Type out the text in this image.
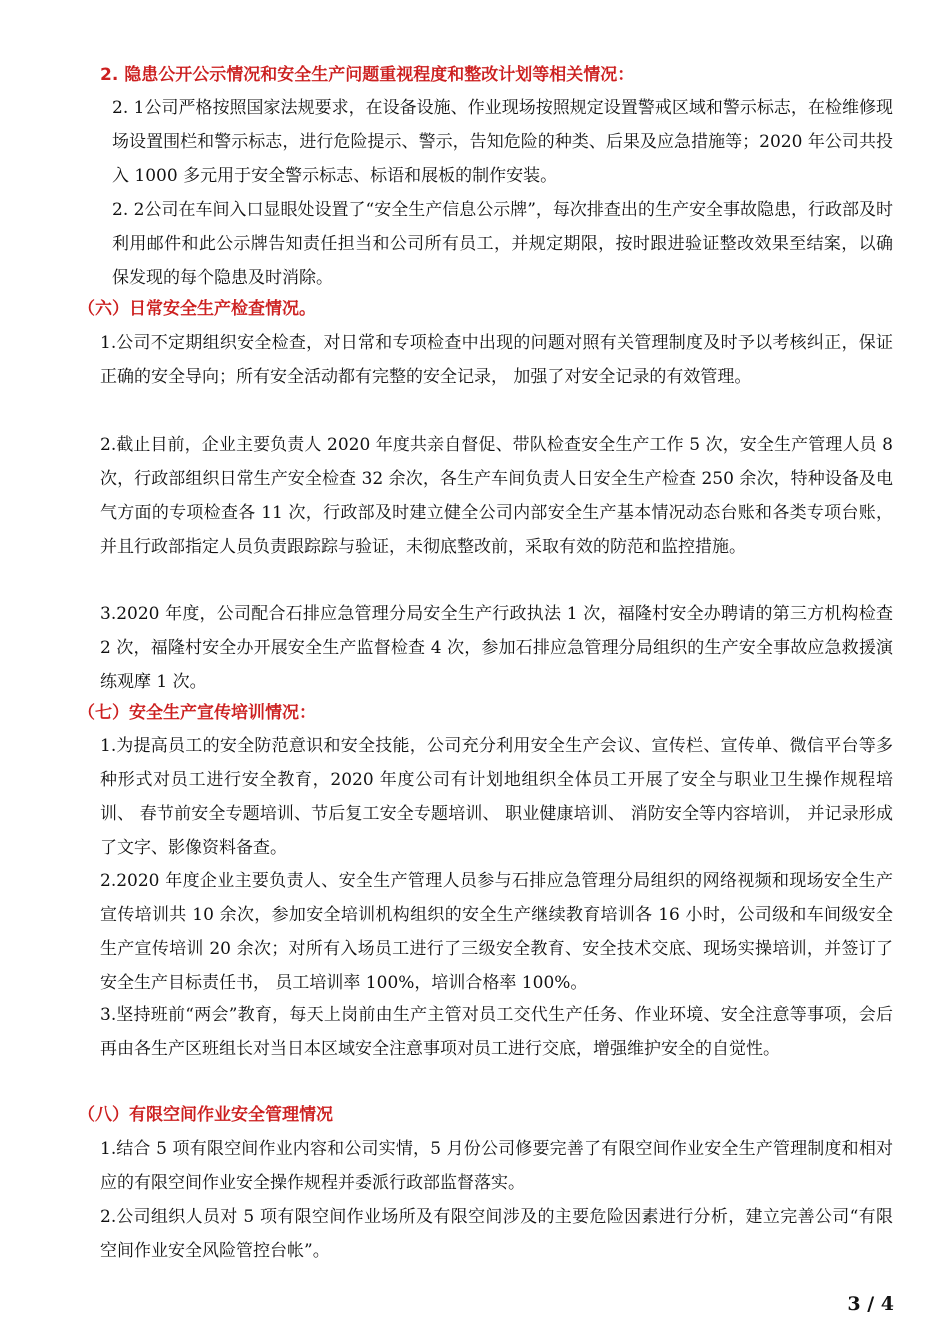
2. 隐患公开公示情况和安全生产问题重视程度和整改计划等相关情况：
2. 1 公司严格按照国家法规要求，在设备设施、作业现场按照规定设置警戒区域和警示标志，在检维修现场设置围栏和警示标志，进行危险提示、警示，告知危险的种类、后果及应急措施等；2020 年公司共投入 1000 多元用于安全警示标志、标语和展板的制作安装。
2. 2 公司在车间入口显眼处设置了“安全生产信息公示牌”，每次排查出的生产安全事故隐患，行政部及时利用邮件和此公示牌告知责任担当和公司所有员工，并规定期限，按时跟进验证整改效果至结案，以确保发现的每个隐患及时消除。
（六）日常安全生产检查情况。
1. 公司不定期组织安全检查，对日常和专项检查中出现的问题对照有关管理制度及时予以考核纠正，保证正确的安全导向；所有安全活动都有完整的安全记录， 加强了对安全记录的有效管理。
2. 截止目前，企业主要负责人 2020 年度共亲自督促、带队检查安全生产工作 5 次，安全生产管理人员 8 次，行政部组织日常生产安全检查 32 余次，各生产车间负责人日安全生产检查 250 余次，特种设备及电气方面的专项检查各 11 次，行政部及时建立健全公司内部安全生产基本情况动态台账和各类专项台账，并且行政部指定人员负责跟踪踪与验证，未彻底整改前，采取有效的防范和监控措施。
3. 2020 年度，公司配合石排应急管理分局安全生产行政执法 1 次，福隆村安全办聘请的第三方机构检查 2 次，福隆村安全办开展安全生产监督检查 4 次，参加石排应急管理分局组织的生产安全事故应急救援演练观摩 1 次。
（七）安全生产宣传培训情况：
1. 为提高员工的安全防范意识和安全技能，公司充分利用安全生产会议、宣传栏、宣传单、微信平台等多种形式对员工进行安全教育，2020 年度公司有计划地组织全体员工开展了安全与职业卫生操作规程培训、 春节前安全专题培训、节后复工安全专题培训、 职业健康培训、 消防安全等内容培训， 并记录形成了文字、影像资料备查。
2. 2020 年度企业主要负责人、安全生产管理人员参与石排应急管理分局组织的网络视频和现场安全生产宣传培训共 10 余次，参加安全培训机构组织的安全生产继续教育培训各 16 小时，公司级和车间级安全生产宣传培训 20 余次；对所有入场员工进行了三级安全教育、安全技术交底、现场实操培训，并签订了安全生产目标责任书， 员工培训率 100%，培训合格率 100%。
3. 坚持班前“两会”教育，每天上岗前由生产主管对员工交代生产任务、作业环境、安全注意等事项，会后再由各生产区班组长对当日本区域安全注意事项对员工进行交底，增强维护安全的自觉性。
（八）有限空间作业安全管理情况
1. 结合 5 项有限空间作业内容和公司实情，5 月份公司修要完善了有限空间作业安全生产管理制度和相对应的有限空间作业安全操作规程并委派行政部监督落实。
2. 公司组织人员对 5 项有限空间作业场所及有限空间涉及的主要危险因素进行分析，建立完善公司“有限空间作业安全风险管控台帐”。
3 / 4
